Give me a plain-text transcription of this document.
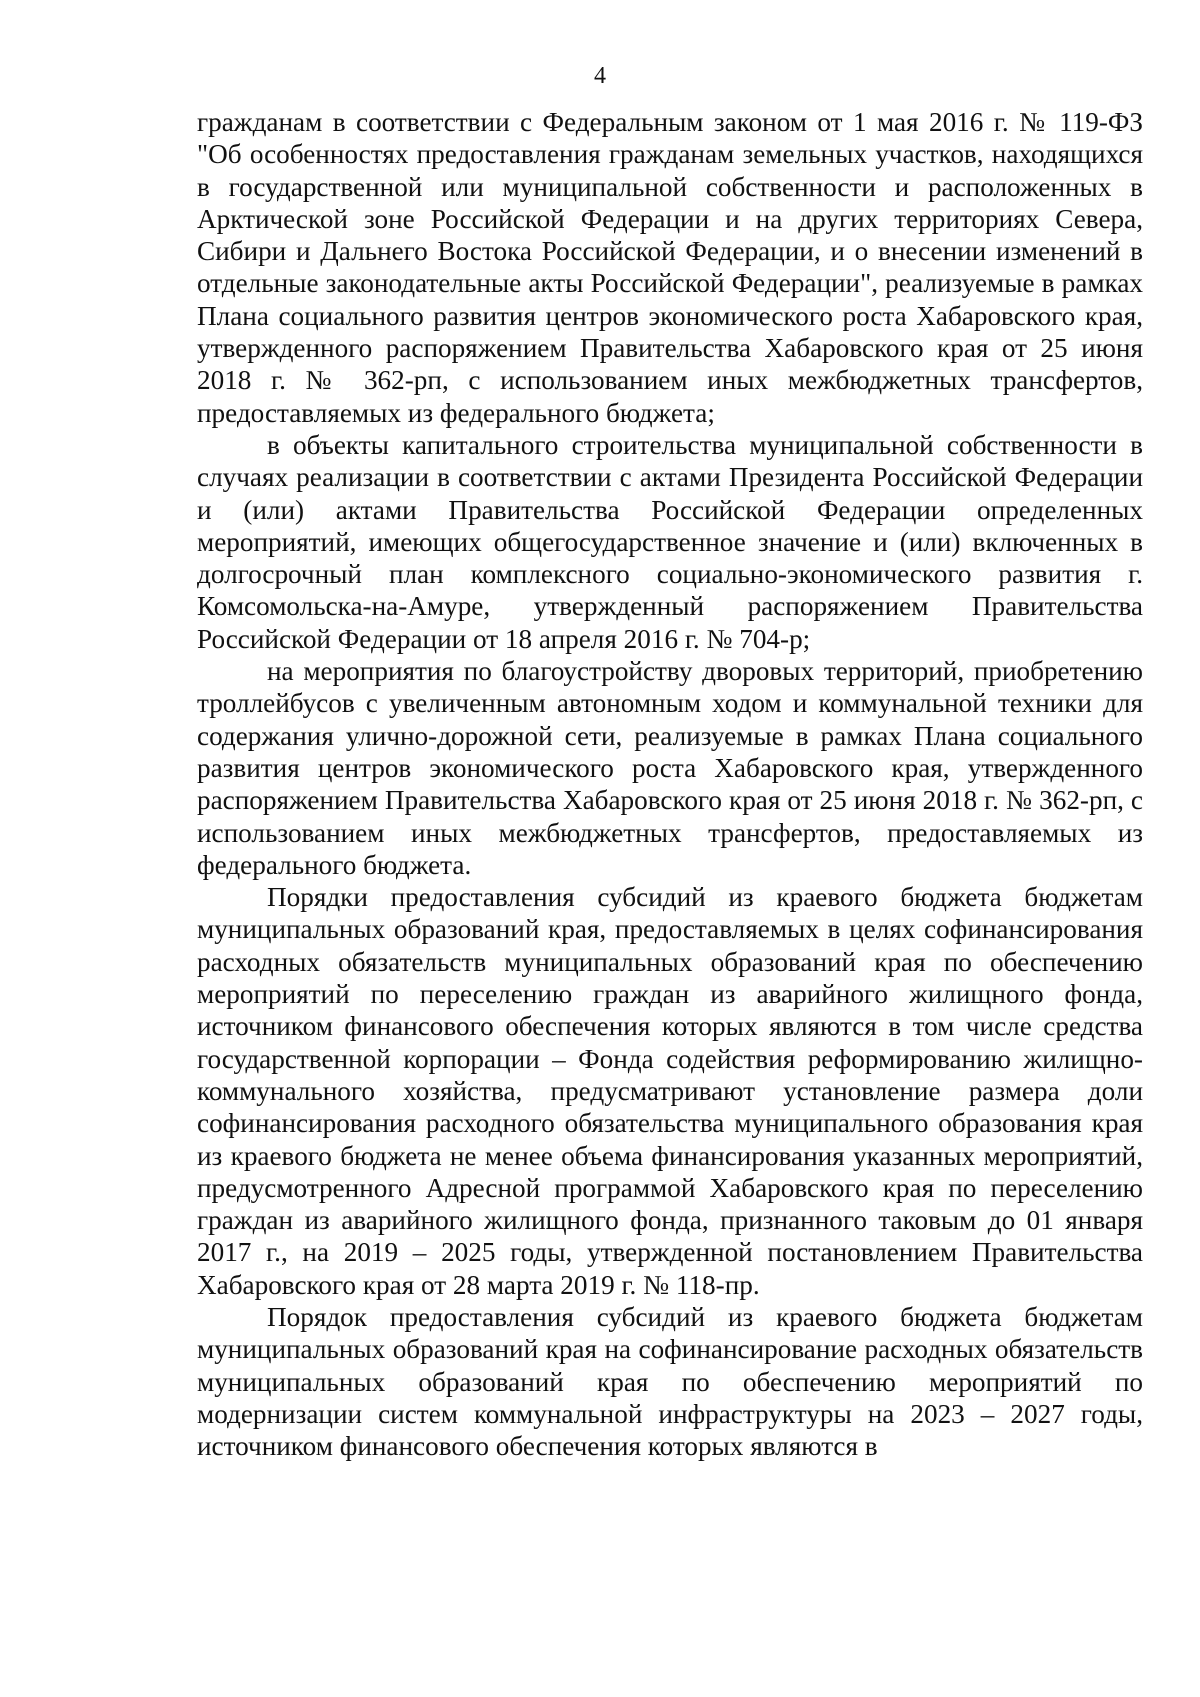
4

гражданам в соответствии с Федеральным законом от 1 мая 2016 г. № 119-ФЗ "Об особенностях предоставления гражданам земельных участков, находящихся в государственной или муниципальной собственности и расположенных в Арктической зоне Российской Федерации и на других территориях Севера, Сибири и Дальнего Востока Российской Федерации, и о внесении изменений в отдельные законодательные акты Российской Федерации", реализуемые в рамках Плана социального развития центров экономического роста Хабаровского края, утвержденного распоряжением Правительства Хабаровского края от 25 июня 2018 г. № 362-рп, с использованием иных межбюджетных трансфертов, предоставляемых из федерального бюджета;

в объекты капитального строительства муниципальной собственности в случаях реализации в соответствии с актами Президента Российской Федерации и (или) актами Правительства Российской Федерации определенных мероприятий, имеющих общегосударственное значение и (или) включенных в долгосрочный план комплексного социально-экономического развития г. Комсомольска-на-Амуре, утвержденный распоряжением Правительства Российской Федерации от 18 апреля 2016 г. № 704-р;

на мероприятия по благоустройству дворовых территорий, приобретению троллейбусов с увеличенным автономным ходом и коммунальной техники для содержания улично-дорожной сети, реализуемые в рамках Плана социального развития центров экономического роста Хабаровского края, утвержденного распоряжением Правительства Хабаровского края от 25 июня 2018 г. № 362-рп, с использованием иных межбюджетных трансфертов, предоставляемых из федерального бюджета.

Порядки предоставления субсидий из краевого бюджета бюджетам муниципальных образований края, предоставляемых в целях софинансирования расходных обязательств муниципальных образований края по обеспечению мероприятий по переселению граждан из аварийного жилищного фонда, источником финансового обеспечения которых являются в том числе средства государственной корпорации – Фонда содействия реформированию жилищно-коммунального хозяйства, предусматривают установление размера доли софинансирования расходного обязательства муниципального образования края из краевого бюджета не менее объема финансирования указанных мероприятий, предусмотренного Адресной программой Хабаровского края по переселению граждан из аварийного жилищного фонда, признанного таковым до 01 января 2017 г., на 2019 – 2025 годы, утвержденной постановлением Правительства Хабаровского края от 28 марта 2019 г. № 118-пр.

Порядок предоставления субсидий из краевого бюджета бюджетам муниципальных образований края на софинансирование расходных обязательств муниципальных образований края по обеспечению мероприятий по модернизации систем коммунальной инфраструктуры на 2023 – 2027 годы, источником финансового обеспечения которых являются в
